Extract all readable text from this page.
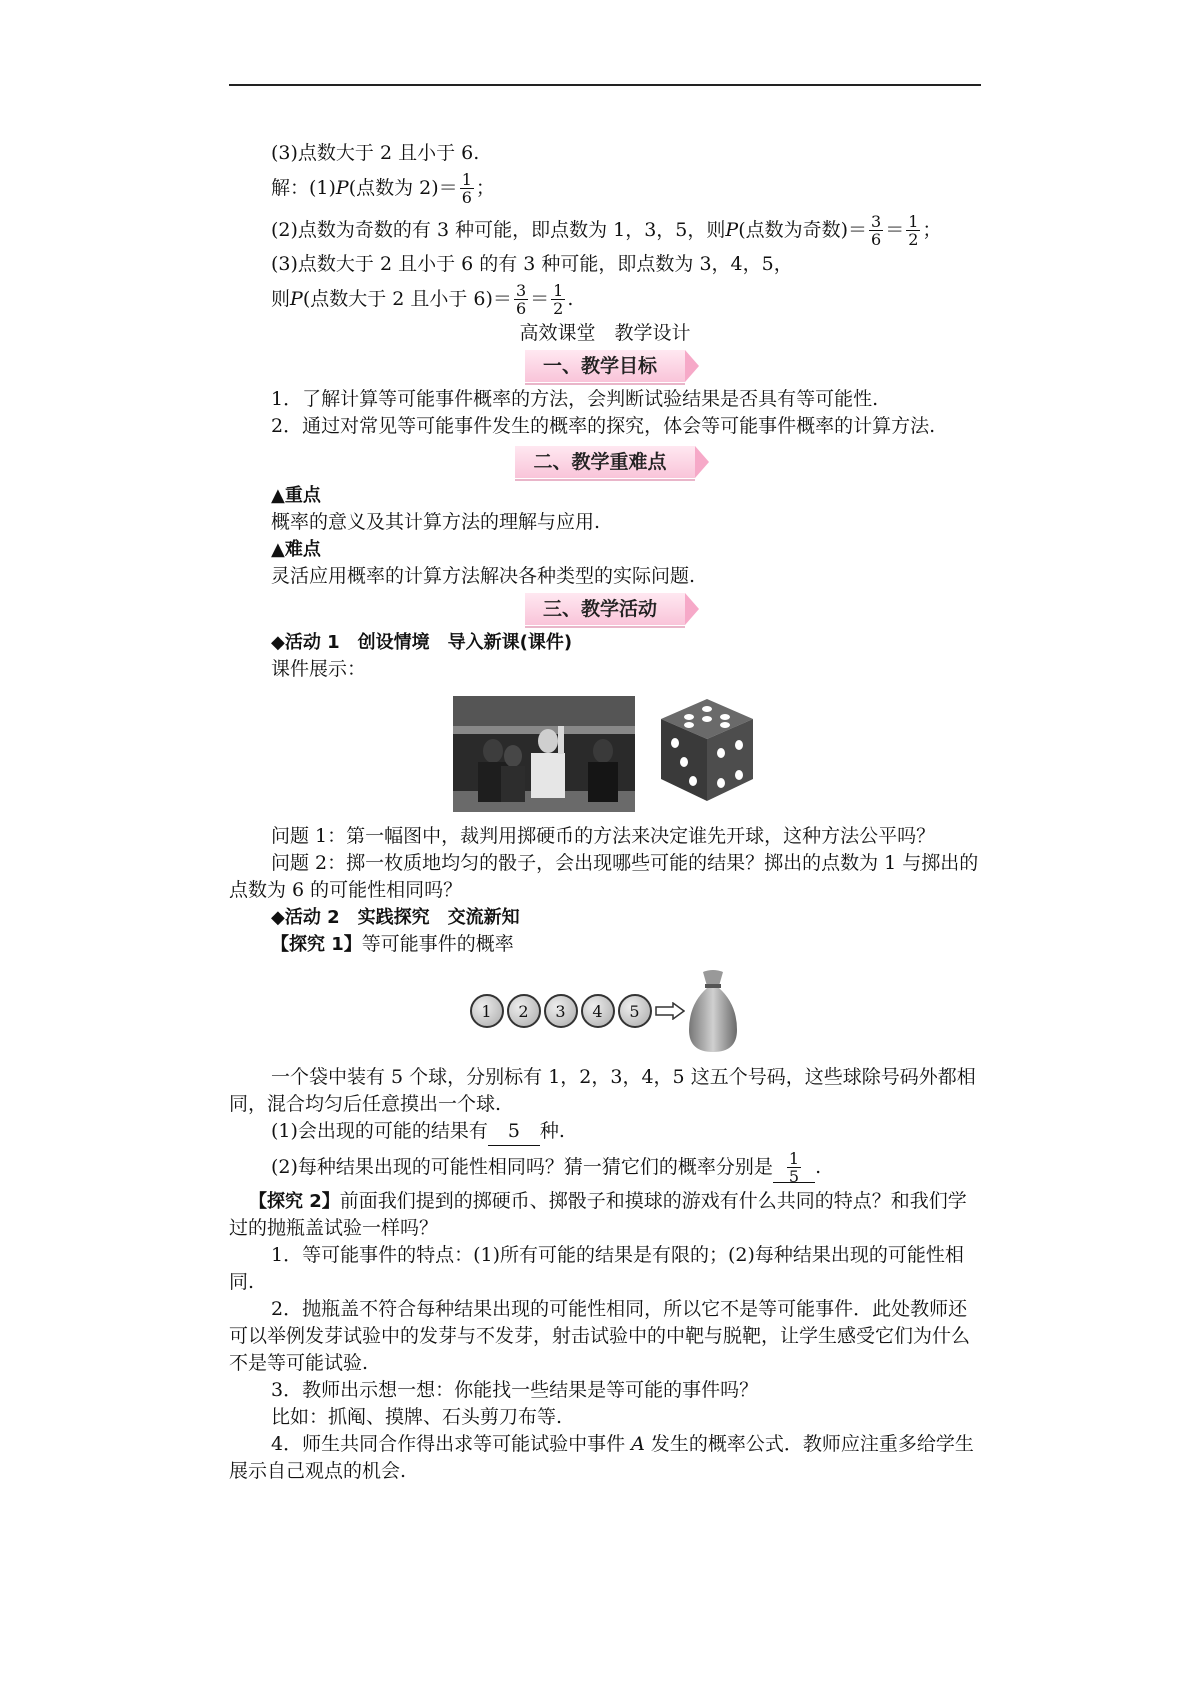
(3)点数大于 2 且小于 6.

解：(1) P (点数为 $2)= \frac{1}{6}$ ；
(2)点数为奇数的有 3 种可能，即点数为 1，3，5，则 P (点数为奇数)＝ $\frac{3}{6} = \frac{1}{2}$ ；

(3)点数大于 2 且小于 6 的有 3 种可能，即点数为 3，4，5，

则 P (点数大于 2 且小于 $6)= \frac{3}{6} = \frac{1}{2}$ .

高效课堂　教学设计

一、教学目标

1．了解计算等可能事件概率的方法，会判断试验结果是否具有等可能性.

2．通过对常见等可能事件发生的概率的探究，体会等可能事件概率的计算方法.

二、教学重难点

▲重点

概率的意义及其计算方法的理解与应用.

▲难点

灵活应用概率的计算方法解决各种类型的实际问题.

三、教学活动

◆活动 1　创设情境　导入新课(课件)

课件展示：

问题 1：第一幅图中，裁判用掷硬币的方法来决定谁先开球，这种方法公平吗？

问题 2：掷一枚质地均匀的骰子，会出现哪些可能的结果？掷出的点数为 1 与掷出的点数为 6 的可能性相同吗？

◆活动 2　实践探究　交流新知

【探究 1】等可能事件的概率

1	2	3	4	5

一个袋中装有 5 个球，分别标有 1，2，3，4，5 这五个号码，这些球除号码外都相同，混合均匀后任意摸出一个球.

(1)会出现的可能的结果有 5 种.

(2)每种结果出现的可能性相同吗？猜一猜它们的概率分别是 $\frac{1}{5}$ .

【探究 2】前面我们提到的掷硬币、掷骰子和摸球的游戏有什么共同的特点？和我们学过的抛瓶盖试验一样吗？

1．等可能事件的特点：(1)所有可能的结果是有限的；(2)每种结果出现的可能性相同.

2．抛瓶盖不符合每种结果出现的可能性相同，所以它不是等可能事件．此处教师还可以举例发芽试验中的发芽与不发芽，射击试验中的中靶与脱靶，让学生感受它们为什么不是等可能试验.

3．教师出示想一想：你能找一些结果是等可能的事件吗？

比如：抓阄、摸牌、石头剪刀布等.

4．师生共同合作得出求等可能试验中事件 A 发生的概率公式．教师应注重多给学生展示自己观点的机会.
